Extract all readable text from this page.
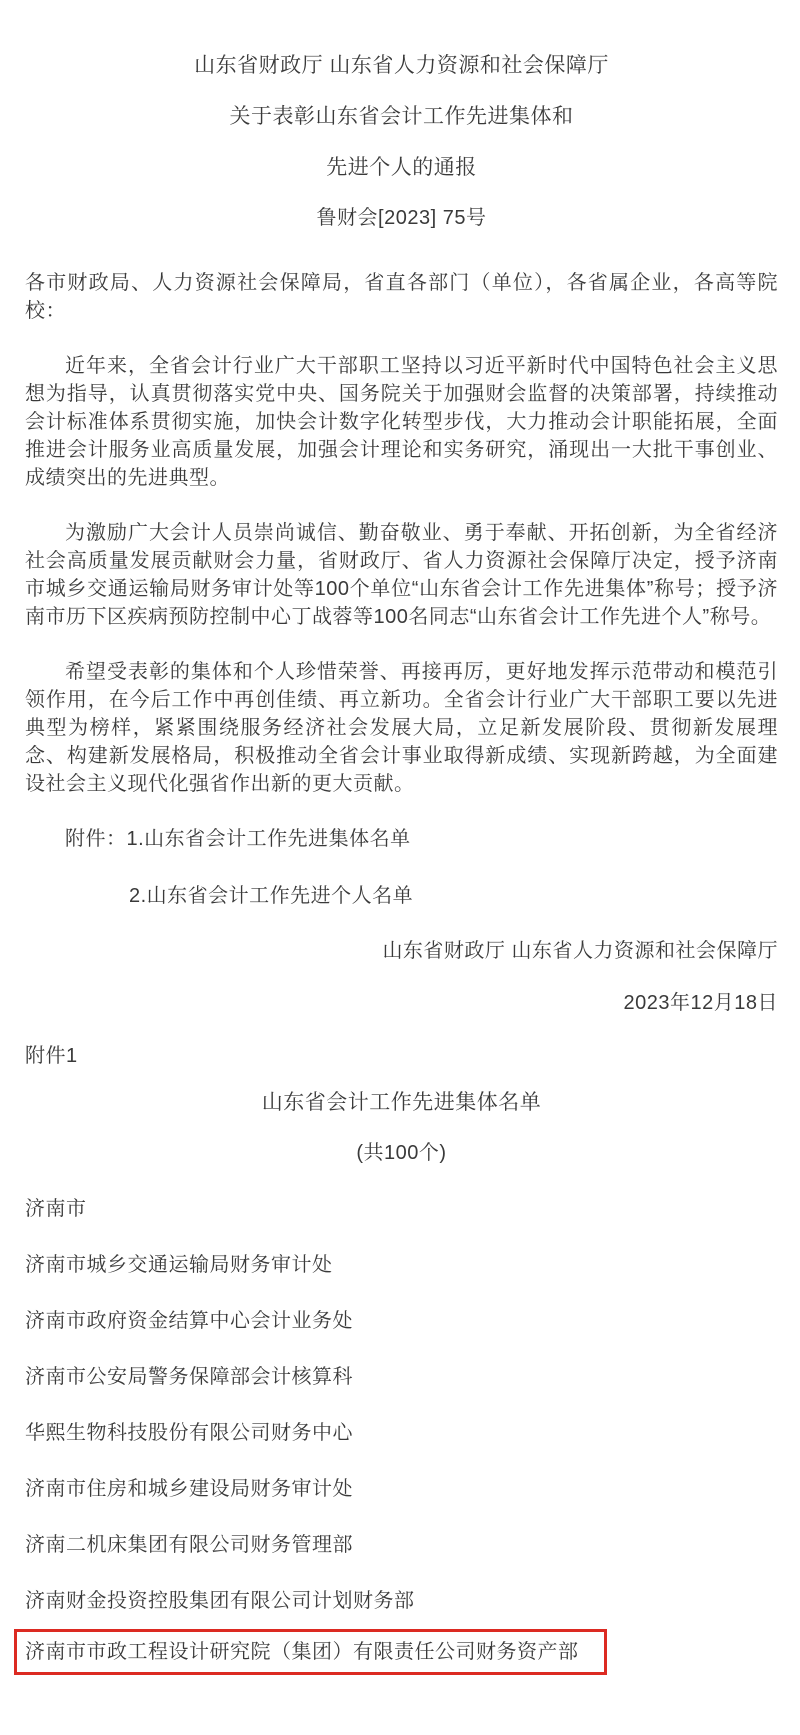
山东省财政厅 山东省人力资源和社会保障厅
关于表彰山东省会计工作先进集体和
先进个人的通报
鲁财会[2023] 75号
各市财政局、人力资源社会保障局，省直各部门（单位），各省属企业，各高等院校：
近年来，全省会计行业广大干部职工坚持以习近平新时代中国特色社会主义思想为指导，认真贯彻落实党中央、国务院关于加强财会监督的决策部署，持续推动会计标准体系贯彻实施，加快会计数字化转型步伐，大力推动会计职能拓展，全面推进会计服务业高质量发展，加强会计理论和实务研究，涌现出一大批干事创业、成绩突出的先进典型。
为激励广大会计人员崇尚诚信、勤奋敬业、勇于奉献、开拓创新，为全省经济社会高质量发展贡献财会力量，省财政厅、省人力资源社会保障厅决定，授予济南市城乡交通运输局财务审计处等100个单位“山东省会计工作先进集体”称号；授予济南市历下区疾病预防控制中心丁战蓉等100名同志“山东省会计工作先进个人”称号。
希望受表彰的集体和个人珍惜荣誉、再接再厉，更好地发挥示范带动和模范引领作用，在今后工作中再创佳绩、再立新功。全省会计行业广大干部职工要以先进典型为榜样，紧紧围绕服务经济社会发展大局，立足新发展阶段、贯彻新发展理念、构建新发展格局，积极推动全省会计事业取得新成绩、实现新跨越，为全面建设社会主义现代化强省作出新的更大贡献。
附件：1.山东省会计工作先进集体名单
2.山东省会计工作先进个人名单
山东省财政厅 山东省人力资源和社会保障厅
2023年12月18日
附件1
山东省会计工作先进集体名单
(共100个)
济南市
济南市城乡交通运输局财务审计处
济南市政府资金结算中心会计业务处
济南市公安局警务保障部会计核算科
华熙生物科技股份有限公司财务中心
济南市住房和城乡建设局财务审计处
济南二机床集团有限公司财务管理部
济南财金投资控股集团有限公司计划财务部
济南市市政工程设计研究院（集团）有限责任公司财务资产部
